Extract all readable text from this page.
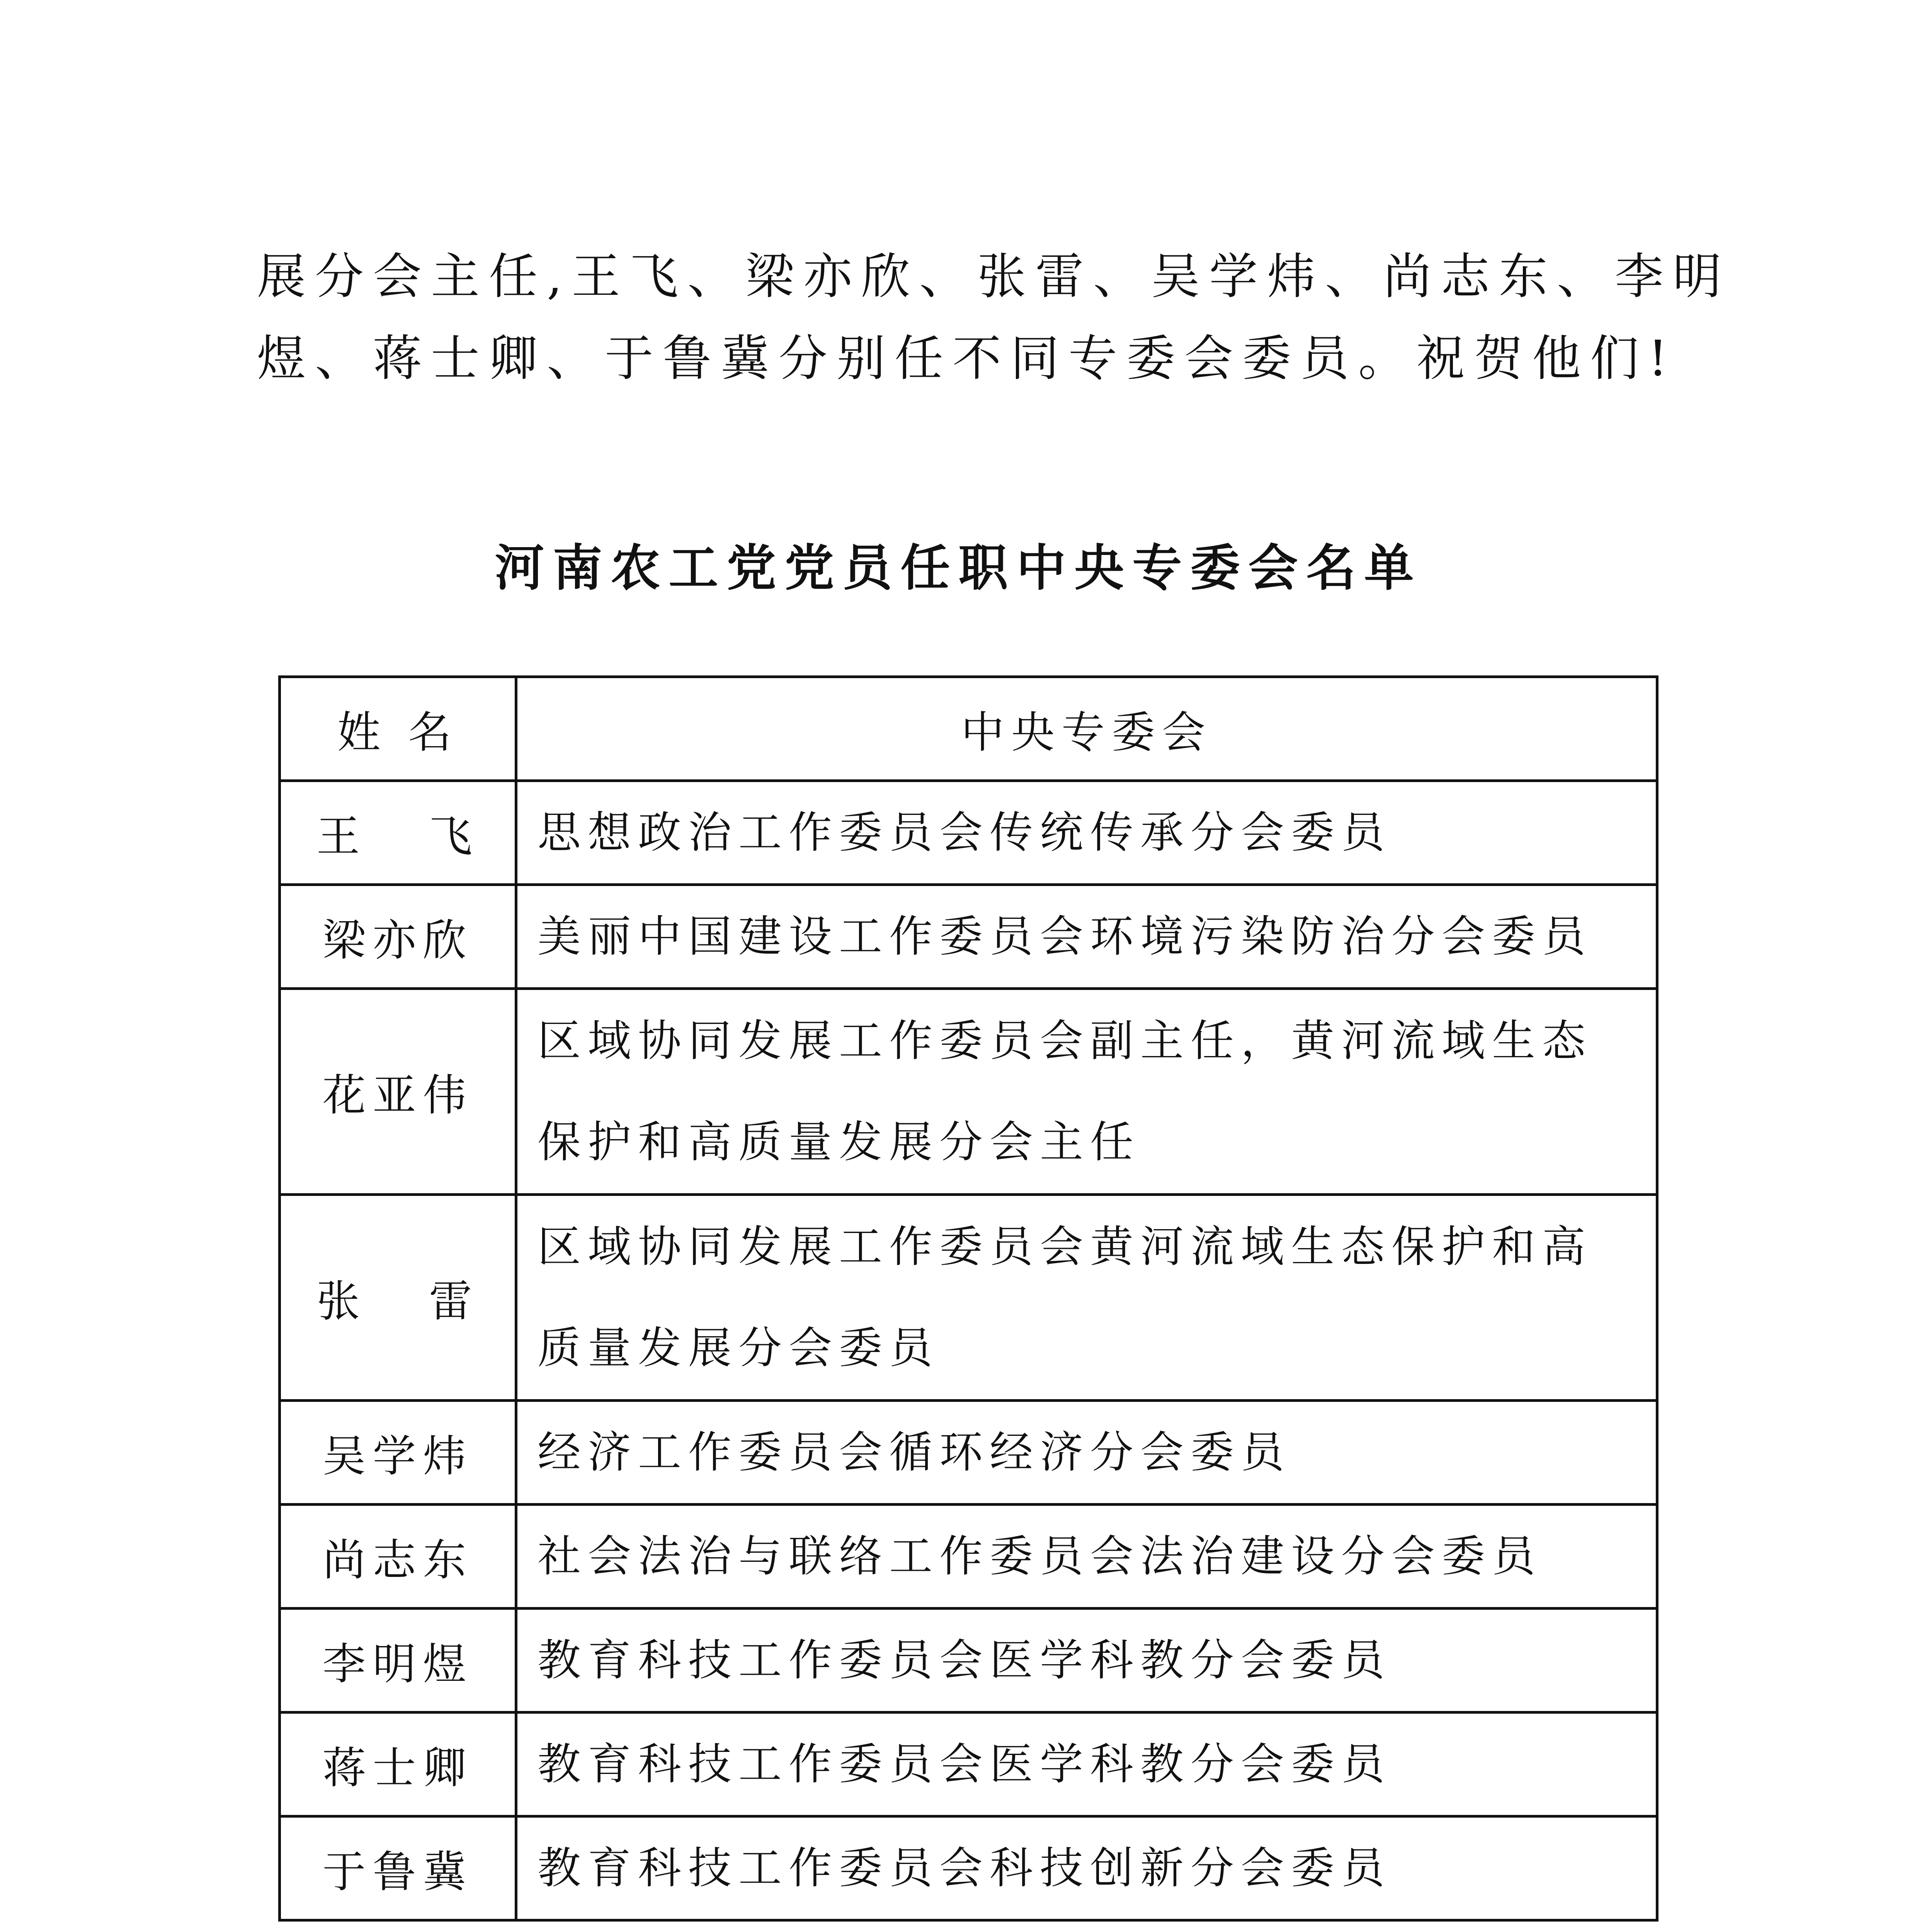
展分会主任,王飞、梁亦欣、张雷、吴学炜、尚志东、李明

煜、蒋士卿、于鲁冀分别任不同专委会委员。祝贺他们!

河南农工党党员任职中央专委会名单
姓 名	中央专委会
王   飞	思想政治工作委员会传统传承分会委员
梁亦欣	美丽中国建设工作委员会环境污染防治分会委员
花亚伟	区域协同发展工作委员会副主任，黄河流域生态保护和高质量发展分会主任
张   雷	区域协同发展工作委员会黄河流域生态保护和高质量发展分会委员
吴学炜	经济工作委员会循环经济分会委员
尚志东	社会法治与联络工作委员会法治建设分会委员
李明煜	教育科技工作委员会医学科教分会委员
蒋士卿	教育科技工作委员会医学科教分会委员
于鲁冀	教育科技工作委员会科技创新分会委员
